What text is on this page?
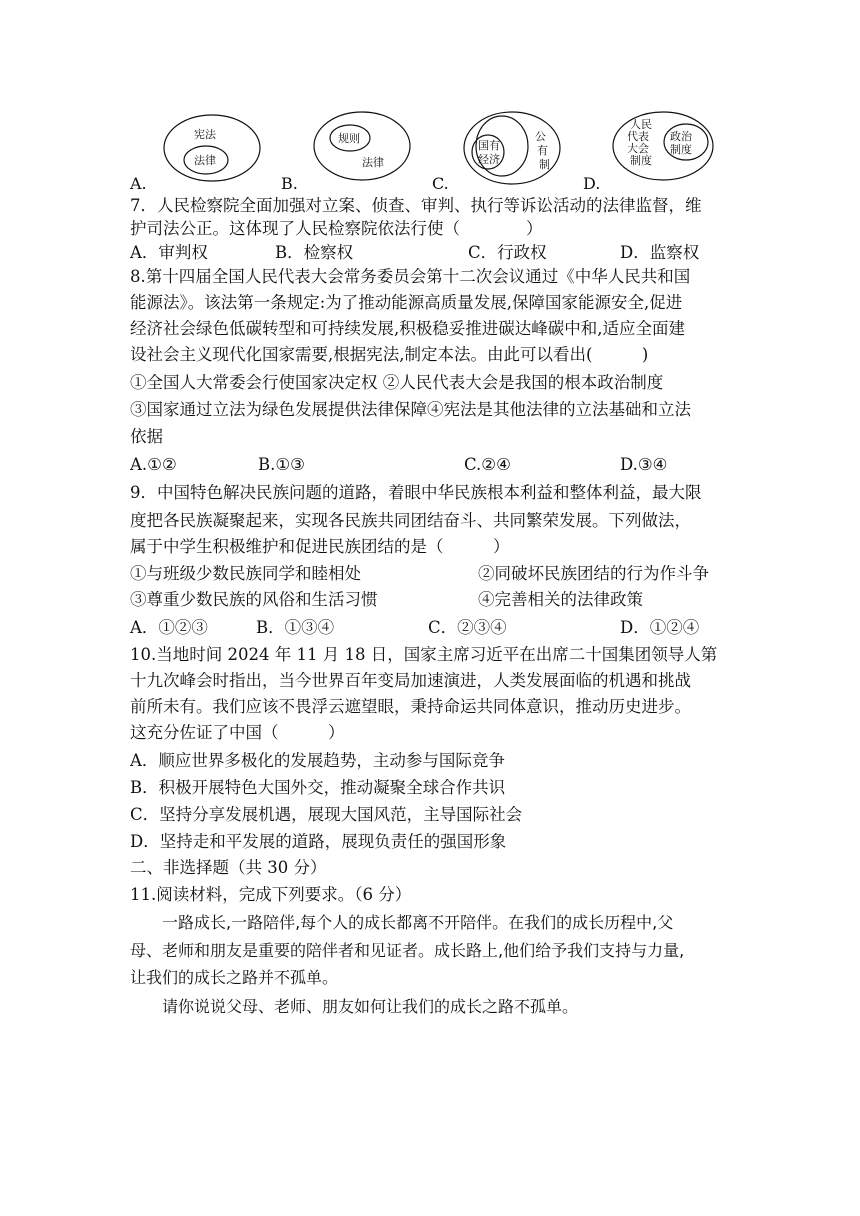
宪法
法律
规则
法律
国有
经济
公
有
制
人民
代表
大会
制度
政治
制度
A.	B.	C.	D.
7．人民检察院全面加强对立案、侦查、审判、执行等诉讼活动的法律监督，维
护司法公正。这体现了人民检察院依法行使（　　　　）
A．审判权	B．检察权	C．行政权	D．监察权
8.第十四届全国人民代表大会常务委员会第十二次会议通过《中华人民共和国
能源法》。该法第一条规定:为了推动能源高质量发展,保障国家能源安全,促进
经济社会绿色低碳转型和可持续发展,积极稳妥推进碳达峰碳中和,适应全面建
设社会主义现代化国家需要,根据宪法,制定本法。由此可以看出(　　　)
①全国人大常委会行使国家决定权 ②人民代表大会是我国的根本政治制度
③国家通过立法为绿色发展提供法律保障④宪法是其他法律的立法基础和立法
依据
A.①②	B.①③	C.②④	D.③④
9．中国特色解决民族问题的道路，着眼中华民族根本利益和整体利益，最大限
度把各民族凝聚起来，实现各民族共同团结奋斗、共同繁荣发展。下列做法，
属于中学生积极维护和促进民族团结的是（　　　）
①与班级少数民族同学和睦相处	②同破坏民族团结的行为作斗争
③尊重少数民族的风俗和生活习惯	④完善相关的法律政策
A．①②③	B．①③④	C．②③④	D．①②④
10.当地时间 2024 年 11 月 18 日，国家主席习近平在出席二十国集团领导人第
十九次峰会时指出，当今世界百年变局加速演进，人类发展面临的机遇和挑战
前所未有。我们应该不畏浮云遮望眼，秉持命运共同体意识，推动历史进步。
这充分佐证了中国（　　　）
A．顺应世界多极化的发展趋势，主动参与国际竞争
B．积极开展特色大国外交，推动凝聚全球合作共识
C．坚持分享发展机遇，展现大国风范，主导国际社会
D．坚持走和平发展的道路，展现负责任的强国形象
二、非选择题（共 30 分）
11.阅读材料，完成下列要求。（6 分）
　　一路成长,一路陪伴,每个人的成长都离不开陪伴。在我们的成长历程中,父
母、老师和朋友是重要的陪伴者和见证者。成长路上,他们给予我们支持与力量,
让我们的成长之路并不孤单。
　　请你说说父母、老师、朋友如何让我们的成长之路不孤单。
